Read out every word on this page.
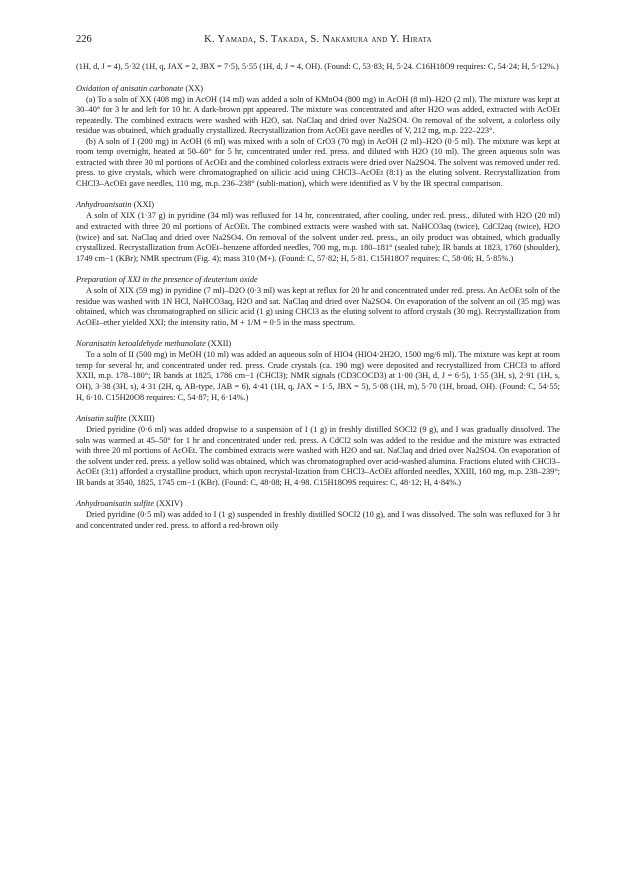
226	K. Yamada, S. Takada, S. Nakamura and Y. Hirata

(1H, d, J = 4), 5·32 (1H, q, JAX = 2, JBX = 7·5), 5·55 (1H, d, J = 4, OH). (Found: C, 53·83; H, 5·24. C16H18O9 requires: C, 54·24; H, 5·12%.)

Oxidation of anisatin carbonate (XX)

(a) To a soln of XX (408 mg) in AcOH (14 ml) was added a soln of KMnO4 (800 mg) in AcOH (8 ml)–H2O (2 ml). The mixture was kept at 30–40° for 3 hr and left for 10 hr. A dark-brown ppt appeared. The mixture was concentrated and after H2O was added, extracted with AcOEt repeatedly. The combined extracts were washed with H2O, sat. NaClaq and dried over Na2SO4. On removal of the solvent, a colorless oily residue was obtained, which gradually crystallized. Recrystallization from AcOEt gave needles of V, 212 mg, m.p. 222–223°.

(b) A soln of I (200 mg) in AcOH (6 ml) was mixed with a soln of CrO3 (70 mg) in AcOH (2 ml)–H2O (0·5 ml). The mixture was kept at room temp overnight, heated at 50–60° for 5 hr, concentrated under red. press. and diluted with H2O (10 ml). The green aqueous soln was extracted with three 30 ml portions of AcOEt and the combined colorless extracts were dried over Na2SO4. The solvent was removed under red. press. to give crystals, which were chromatographed on silicic acid using CHCl3–AcOEt (8:1) as the eluting solvent. Recrystallization from CHCl3–AcOEt gave needles, 110 mg, m.p. 236–238° (subli-mation), which were identified as V by the IR spectral comparison.

Anhydroanisatin (XXI)

A soln of XIX (1·37 g) in pyridine (34 ml) was refluxed for 14 hr, concentrated, after cooling, under red. press., diluted with H2O (20 ml) and extracted with three 20 ml portions of AcOEt. The combined extracts were washed with sat. NaHCO3aq (twice), CdCl2aq (twice), H2O (twice) and sat. NaClaq and dried over Na2SO4. On removal of the solvent under red. press., an oily product was obtained, which gradually crystallized. Recrystallization from AcOEt–benzene afforded needles, 700 mg, m.p. 180–181° (sealed tube); IR bands at 1823, 1760 (shoulder), 1749 cm−1 (KBr); NMR spectrum (Fig. 4); mass 310 (M+). (Found: C, 57·82; H, 5·81. C15H18O7 requires: C, 58·06; H, 5·85%.)

Preparation of XXI in the presence of deuterium oxide

A soln of XIX (59 mg) in pyridine (7 ml)–D2O (0·3 ml) was kept at reflux for 20 hr and concentrated under red. press. An AcOEt soln of the residue was washed with 1N HCl, NaHCO3aq, H2O and sat. NaClaq and dried over Na2SO4. On evaporation of the solvent an oil (35 mg) was obtained, which was chromatographed on silicic acid (1 g) using CHCl3 as the eluting solvent to afford crystals (30 mg). Recrystallization from AcOEt–ether yielded XXI; the intensity ratio, M + 1/M = 0·5 in the mass spectrum.

Noranisatin ketoaldehyde methanolate (XXII)

To a soln of II (500 mg) in MeOH (10 ml) was added an aqueous soln of HIO4 (HIO4·2H2O, 1500 mg/6 ml). The mixture was kept at room temp for several hr, and concentrated under red. press. Crude crystals (ca. 190 mg) were deposited and recrystallized from CHCl3 to afford XXII, m.p. 178–180°; IR bands at 1825, 1786 cm−1 (CHCl3); NMR signals (CD3COCD3) at 1·00 (3H, d, J = 6·5), 1·55 (3H, s), 2·91 (1H, s, OH), 3·38 (3H, s), 4·31 (2H, q, AB-type, JAB = 6), 4·41 (1H, q, JAX = 1·5, JBX = 5), 5·08 (1H, m), 5·70 (1H, broad, OH). (Found: C, 54·55; H, 6·10. C15H20O8 requires: C, 54·87; H, 6·14%.)

Anisatin sulfite (XXIII)

Dried pyridine (0·6 ml) was added dropwise to a suspension of I (1 g) in freshly distilled SOCl2 (9 g), and I was gradually dissolved. The soln was warmed at 45–50° for 1 hr and concentrated under red. press. A CdCl2 soln was added to the residue and the mixture was extracted with three 20 ml portions of AcOEt. The combined extracts were washed with H2O and sat. NaClaq and dried over Na2SO4. On evaporation of the solvent under red. press. a yellow solid was obtained, which was chromatographed over acid-washed alumina. Fractions eluted with CHCl3–AcOEt (3:1) afforded a crystalline product, which upon recrystal-lization from CHCl3–AcOEt afforded needles, XXIII, 160 mg, m.p. 238–239°; IR bands at 3540, 1825, 1745 cm−1 (KBr). (Found: C, 48·08; H, 4·98. C15H18O9S requires: C, 48·12; H, 4·84%.)

Anhydroanisatin sulfite (XXIV)

Dried pyridine (0·5 ml) was added to I (1 g) suspended in freshly distilled SOCl2 (10 g), and I was dissolved. The soln was refluxed for 3 hr and concentrated under red. press. to afford a red-brown oily
